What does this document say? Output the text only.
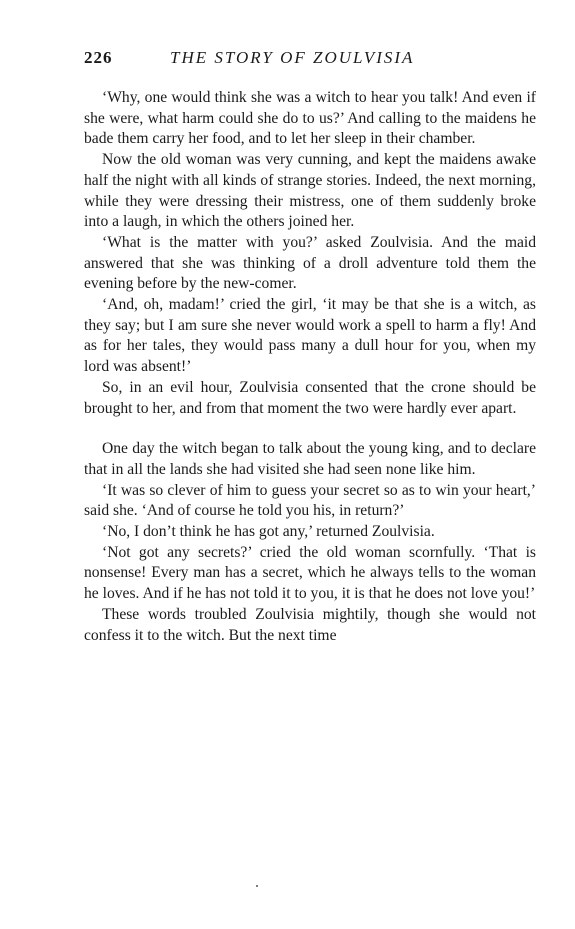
226	THE STORY OF ZOULVISIA

‘Why, one would think she was a witch to hear you talk! And even if she were, what harm could she do to us?’ And calling to the maidens he bade them carry her food, and to let her sleep in their chamber.

Now the old woman was very cunning, and kept the maidens awake half the night with all kinds of strange stories. Indeed, the next morning, while they were dressing their mistress, one of them suddenly broke into a laugh, in which the others joined her.

‘What is the matter with you?’ asked Zoulvisia. And the maid answered that she was thinking of a droll adventure told them the evening before by the new-comer.

‘And, oh, madam!’ cried the girl, ‘it may be that she is a witch, as they say; but I am sure she never would work a spell to harm a fly! And as for her tales, they would pass many a dull hour for you, when my lord was absent!’

So, in an evil hour, Zoulvisia consented that the crone should be brought to her, and from that moment the two were hardly ever apart.

One day the witch began to talk about the young king, and to declare that in all the lands she had visited she had seen none like him.

‘It was so clever of him to guess your secret so as to win your heart,’ said she. ‘And of course he told you his, in return?’

‘No, I don’t think he has got any,’ returned Zoulvisia.

‘Not got any secrets?’ cried the old woman scornfully. ‘That is nonsense! Every man has a secret, which he always tells to the woman he loves. And if he has not told it to you, it is that he does not love you!’

These words troubled Zoulvisia mightily, though she would not confess it to the witch. But the next time
